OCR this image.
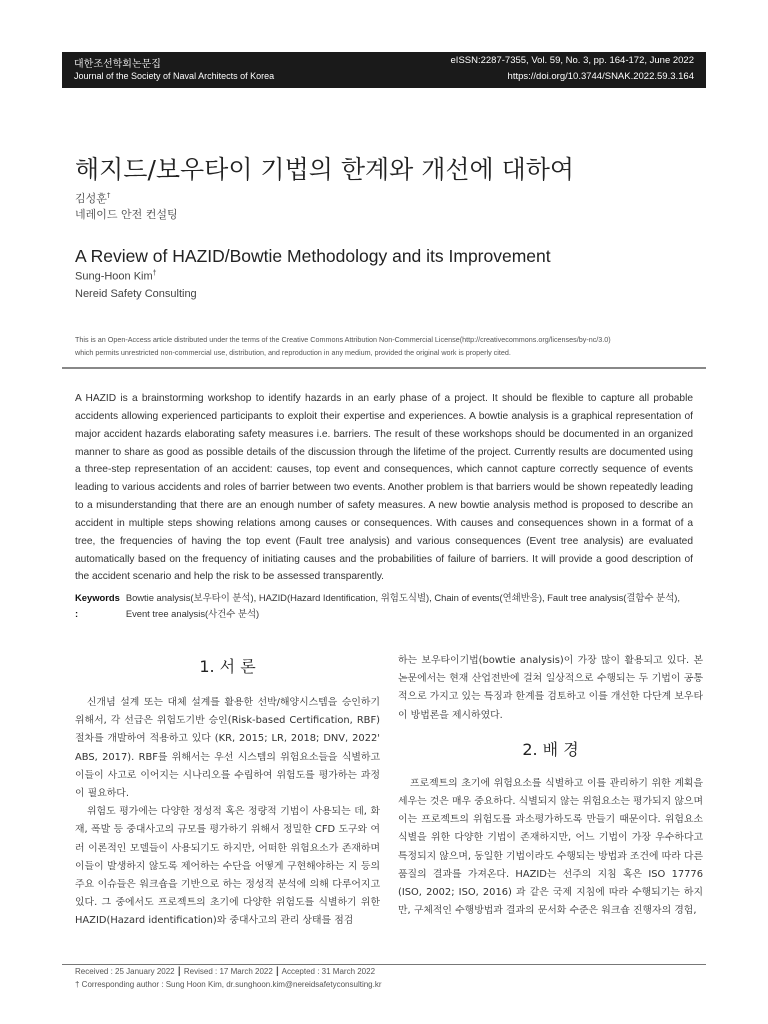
대한조선학회논문집
Journal of the Society of Naval Architects of Korea
eISSN:2287-7355, Vol. 59, No. 3, pp. 164-172, June 2022
https://doi.org/10.3744/SNAK.2022.59.3.164
해지드/보우타이 기법의 한계와 개선에 대하여
김성훈†
네레이드 안전 컨설팅
A Review of HAZID/Bowtie Methodology and its Improvement
Sung-Hoon Kim†
Nereid Safety Consulting
This is an Open-Access article distributed under the terms of the Creative Commons Attribution Non-Commercial License(http://creativecommons.org/licenses/by-nc/3.0)
which permits unrestricted non-commercial use, distribution, and reproduction in any medium, provided the original work is properly cited.
A HAZID is a brainstorming workshop to identify hazards in an early phase of a project. It should be flexible to capture all probable accidents allowing experienced participants to exploit their expertise and experiences. A bowtie analysis is a graphical representation of major accident hazards elaborating safety measures i.e. barriers. The result of these workshops should be documented in an organized manner to share as good as possible details of the discussion through the lifetime of the project. Currently results are documented using a three-step representation of an accident: causes, top event and consequences, which cannot capture correctly sequence of events leading to various accidents and roles of barrier between two events. Another problem is that barriers would be shown repeatedly leading to a misunderstanding that there are an enough number of safety measures. A new bowtie analysis method is proposed to describe an accident in multiple steps showing relations among causes or consequences. With causes and consequences shown in a format of a tree, the frequencies of having the top event (Fault tree analysis) and various consequences (Event tree analysis) are evaluated automatically based on the frequency of initiating causes and the probabilities of failure of barriers. It will provide a good description of the accident scenario and help the risk to be assessed transparently.
Keywords :
Bowtie analysis(보우타이 분석), HAZID(Hazard Identification, 위험도식별), Chain of events(연쇄반응), Fault tree analysis(결함수 분석), Event tree analysis(사건수 분석)
1. 서 론

신개념 설계 또는 대체 설계를 활용한 선박/해양시스템을 승인하기 위해서, 각 선급은 위험도기반 승인(Risk-based Certification, RBF) 절차를 개발하여 적용하고 있다 (KR, 2015; LR, 2018; DNV, 2022' ABS, 2017). RBF를 위해서는 우선 시스템의 위험요소들을 식별하고 이들이 사고로 이어지는 시나리오를 수립하여 위험도를 평가하는 과정이 필요하다.

위험도 평가에는 다양한 정성적 혹은 정량적 기법이 사용되는 데, 화재, 폭발 등 중대사고의 규모를 평가하기 위해서 정밀한 CFD 도구와 여러 이론적인 모델들이 사용되기도 하지만, 어떠한 위험요소가 존재하며 이들이 발생하지 않도록 제어하는 수단을 어떻게 구현해야하는 지 등의 주요 이슈들은 워크숍을 기반으로 하는 정성적 분석에 의해 다루어지고 있다. 그 중에서도 프로젝트의 초기에 다양한 위험도를 식별하기 위한 HAZID(Hazard identification)와 중대사고의 관리 상태를 점검

하는 보우타이기법(bowtie analysis)이 가장 많이 활용되고 있다. 본 논문에서는 현재 산업전반에 걸쳐 일상적으로 수행되는 두 기법이 공통적으로 가지고 있는 특징과 한계를 검토하고 이를 개선한 다단계 보우타이 방법론을 제시하였다.

2. 배 경

프로젝트의 초기에 위험요소를 식별하고 이를 관리하기 위한 계획을 세우는 것은 매우 중요하다. 식별되지 않는 위험요소는 평가되지 않으며 이는 프로젝트의 위험도를 과소평가하도록 만들기 때문이다. 위험요소 식별을 위한 다양한 기법이 존재하지만, 어느 기법이 가장 우수하다고 특정되지 않으며, 동일한 기법이라도 수행되는 방법과 조건에 따라 다른 품질의 결과를 가져온다. HAZID는 선주의 지침 혹은 ISO 17776 (ISO, 2002; ISO, 2016) 과 같은 국제 지침에 따라 수행되기는 하지만, 구체적인 수행방법과 결과의 문서화 수준은 워크숍 진행자의 경험,

Received : 25 January 2022 ┃ Revised : 17 March 2022 ┃ Accepted : 31 March 2022
† Corresponding author : Sung Hoon Kim, dr.sunghoon.kim@nereidsafetyconsulting.kr
